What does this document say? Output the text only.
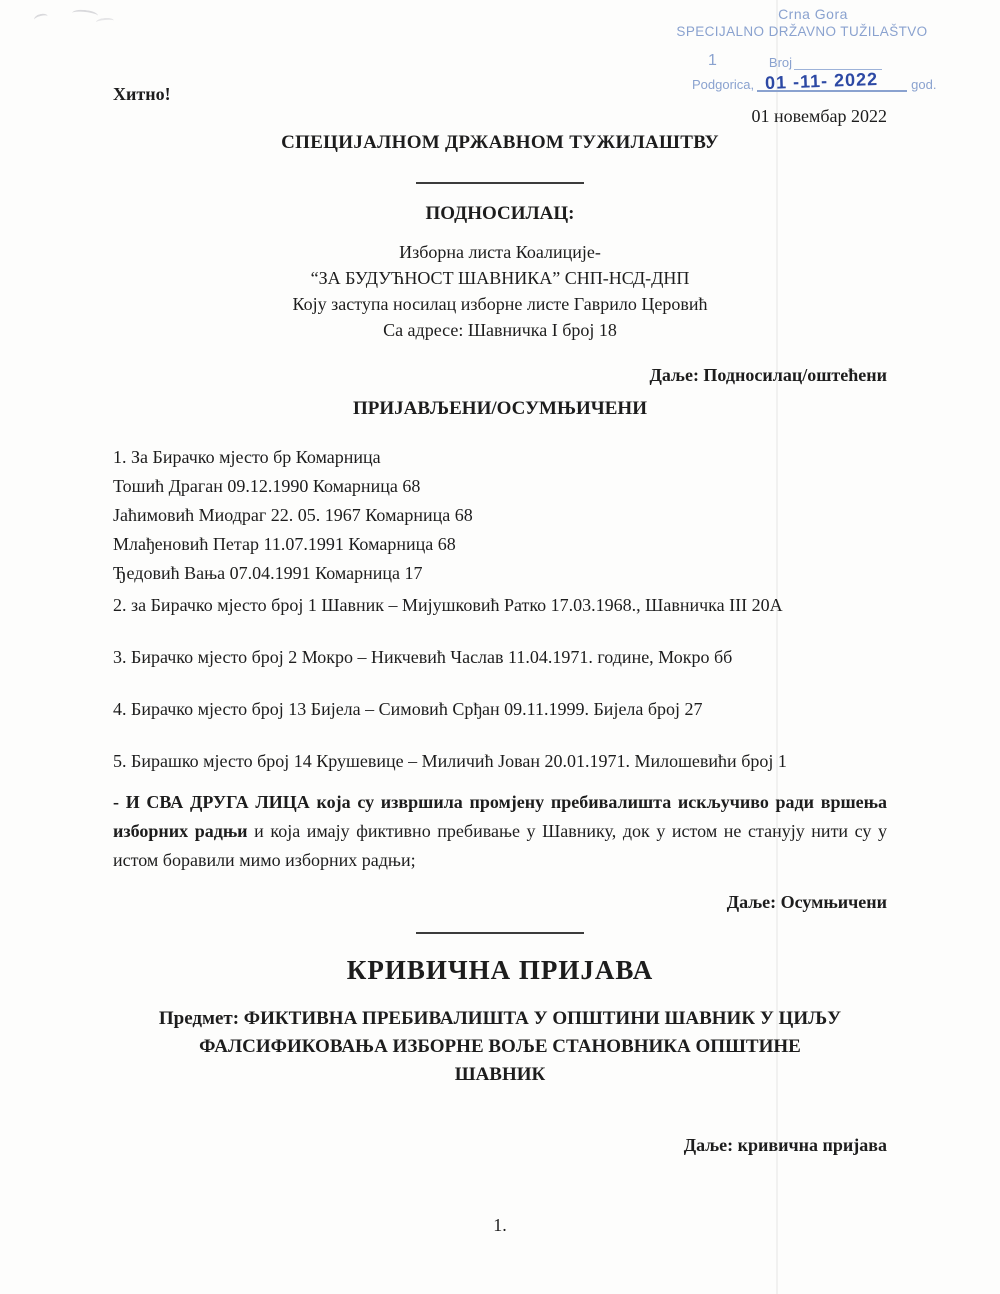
Crna Gora
SPECIJALNO DRŽAVNO TUŽILAŠTVO
1	Broj
Podgorica, 01 -11- 2022	god.
Хитно!
01 новембар 2022
СПЕЦИЈАЛНОМ ДРЖАВНОМ ТУЖИЛАШТВУ
ПОДНОСИЛАЦ:
Изборна листа Коалиције-
“ЗА БУДУЋНОСТ ШАВНИКА” СНП-НСД-ДНП
Коју заступа носилац изборне листе Гаврило Церовић
Са адресе: Шавничка I број 18
Даље: Подносилац/оштећени
ПРИЈАВЉЕНИ/ОСУМЊИЧЕНИ
1. За Бирачко мјесто бр Комарница
Тошић Драган 09.12.1990 Комарница 68
Јаћимовић Миодраг 22. 05. 1967 Комарница 68
Млађеновић Петар 11.07.1991 Комарница 68
Ђедовић Вања 07.04.1991 Комарница 17
2. за Бирачко мјесто број 1 Шавник – Мијушковић Ратко 17.03.1968., Шавничка III 20А
3. Бирачко мјесто број 2 Мокро – Никчевић Часлав 11.04.1971. године, Мокро бб
4. Бирачко мјесто број 13 Бијела – Симовић Срђан 09.11.1999. Бијела број 27
5. Бирашко мјесто број 14 Крушевице – Миличић Јован 20.01.1971. Милошевићи број 1

- И СВА ДРУГА ЛИЦА која су извршила промјену пребивалишта искључиво ради вршења изборних радњи и која имају фиктивно пребивање у Шавнику, док у истом не станују нити су у истом боравили мимо изборних радњи;

Даље: Осумњичени
КРИВИЧНА ПРИЈАВА
Предмет: ФИКТИВНА ПРЕБИВАЛИШТА У ОПШТИНИ ШАВНИК У ЦИЉУ ФАЛСИФИКОВАЊА ИЗБОРНЕ ВОЉЕ СТАНОВНИКА ОПШТИНЕ ШАВНИК
Даље: кривична пријава
1.
